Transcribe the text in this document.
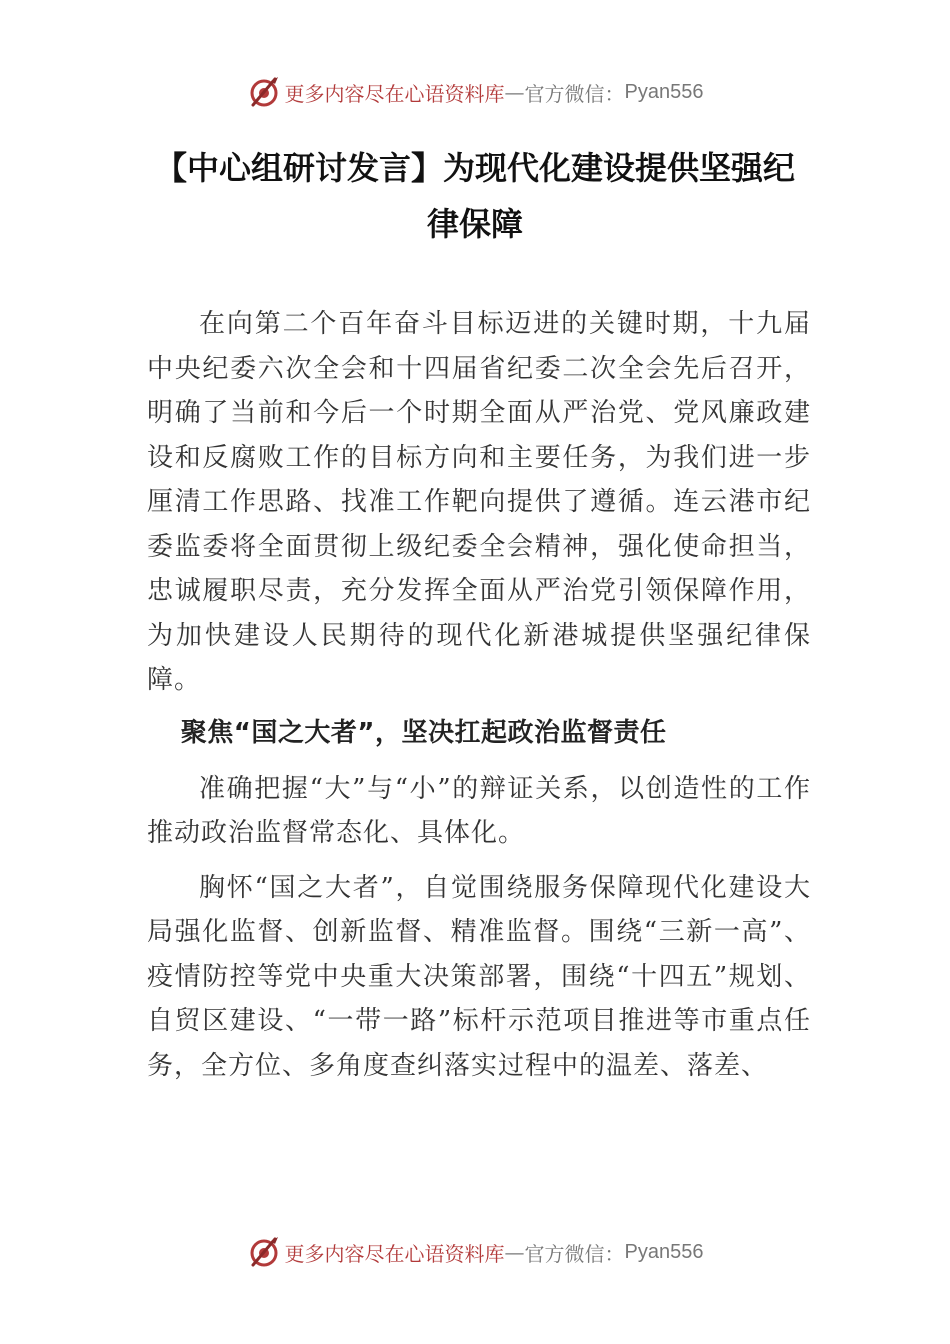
更多内容尽在心语资料库 — 官方微信： Pyan556
【中心组研讨发言】为现代化建设提供坚强纪律保障

在向第二个百年奋斗目标迈进的关键时期，十九届中央纪委六次全会和十四届省纪委二次全会先后召开，明确了当前和今后一个时期全面从严治党、党风廉政建设和反腐败工作的目标方向和主要任务，为我们进一步厘清工作思路、找准工作靶向提供了遵循。连云港市纪委监委将全面贯彻上级纪委全会精神，强化使命担当，忠诚履职尽责，充分发挥全面从严治党引领保障作用，为加快建设人民期待的现代化新港城提供坚强纪律保障。

聚焦“国之大者”，坚决扛起政治监督责任

准确把握“大”与“小”的辩证关系，以创造性的工作推动政治监督常态化、具体化。

胸怀“国之大者”，自觉围绕服务保障现代化建设大局强化监督、创新监督、精准监督。围绕“三新一高”、疫情防控等党中央重大决策部署，围绕“十四五”规划、自贸区建设、“一带一路”标杆示范项目推进等市重点任务，全方位、多角度查纠落实过程中的温差、落差、

更多内容尽在心语资料库 — 官方微信： Pyan556
